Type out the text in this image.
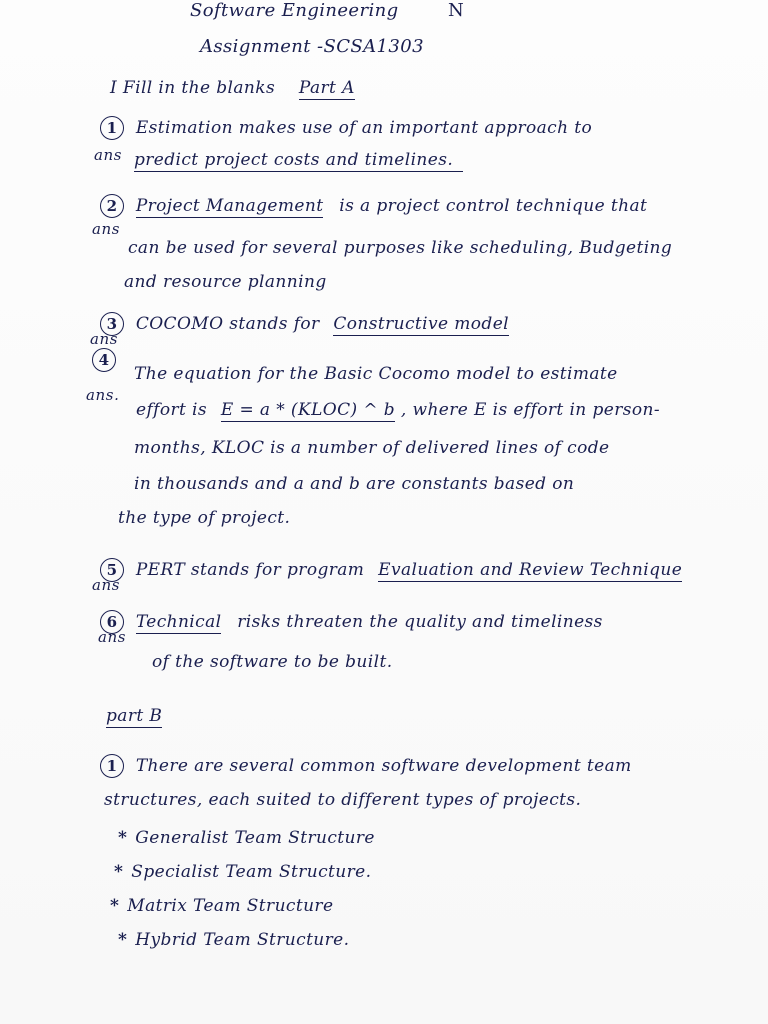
Software Engineering	N
Assignment -SCSA1303
I Fill in the blanks Part A
1 Estimation makes use of an important approach to
ans predict project costs and timelines.
2 Project Management is a project control technique that
ans
can be used for several purposes like scheduling, Budgeting
and resource planning
3 COCOMO stands for Constructive model
ans
4
The equation for the Basic Cocomo model to estimate
ans.
effort is E = a * (KLOC) ^ b , where E is effort in person-
months, KLOC is a number of delivered lines of code
in thousands and a and b are constants based on
the type of project.
5 PERT stands for program Evaluation and Review Technique
ans
6 Technical risks threaten the quality and timeliness
ans
of the software to be built.
part B
1 There are several common software development team
structures, each suited to different types of projects.
* Generalist Team Structure
* Specialist Team Structure.
* Matrix Team Structure
* Hybrid Team Structure.
